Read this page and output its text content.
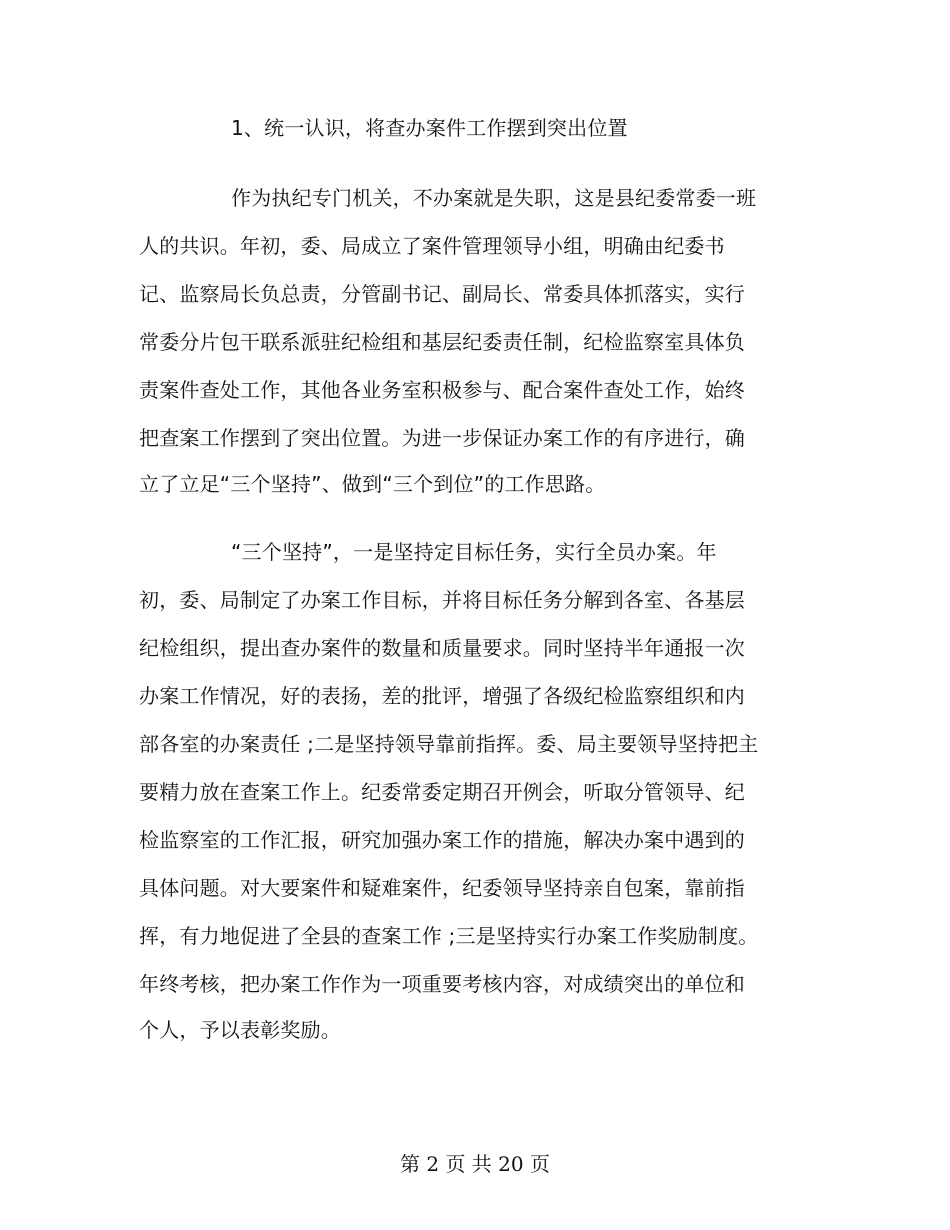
1、统一认识，将查办案件工作摆到突出位置
作为执纪专门机关，不办案就是失职，这是县纪委常委一班
人的共识。年初，委、局成立了案件管理领导小组，明确由纪委书
记、监察局长负总责，分管副书记、副局长、常委具体抓落实，实行
常委分片包干联系派驻纪检组和基层纪委责任制，纪检监察室具体负
责案件查处工作，其他各业务室积极参与、配合案件查处工作，始终
把查案工作摆到了突出位置。为进一步保证办案工作的有序进行，确
立了立足“三个坚持”、做到“三个到位”的工作思路。
“三个坚持”，一是坚持定目标任务，实行全员办案。年
初，委、局制定了办案工作目标，并将目标任务分解到各室、各基层
纪检组织，提出查办案件的数量和质量要求。同时坚持半年通报一次
办案工作情况，好的表扬，差的批评，增强了各级纪检监察组织和内
部各室的办案责任 ;二是坚持领导靠前指挥。委、局主要领导坚持把主
要精力放在查案工作上。纪委常委定期召开例会，听取分管领导、纪
检监察室的工作汇报，研究加强办案工作的措施，解决办案中遇到的
具体问题。对大要案件和疑难案件，纪委领导坚持亲自包案，靠前指
挥，有力地促进了全县的查案工作 ;三是坚持实行办案工作奖励制度。
年终考核，把办案工作作为一项重要考核内容，对成绩突出的单位和
个人，予以表彰奖励。
第 2 页 共 20 页
